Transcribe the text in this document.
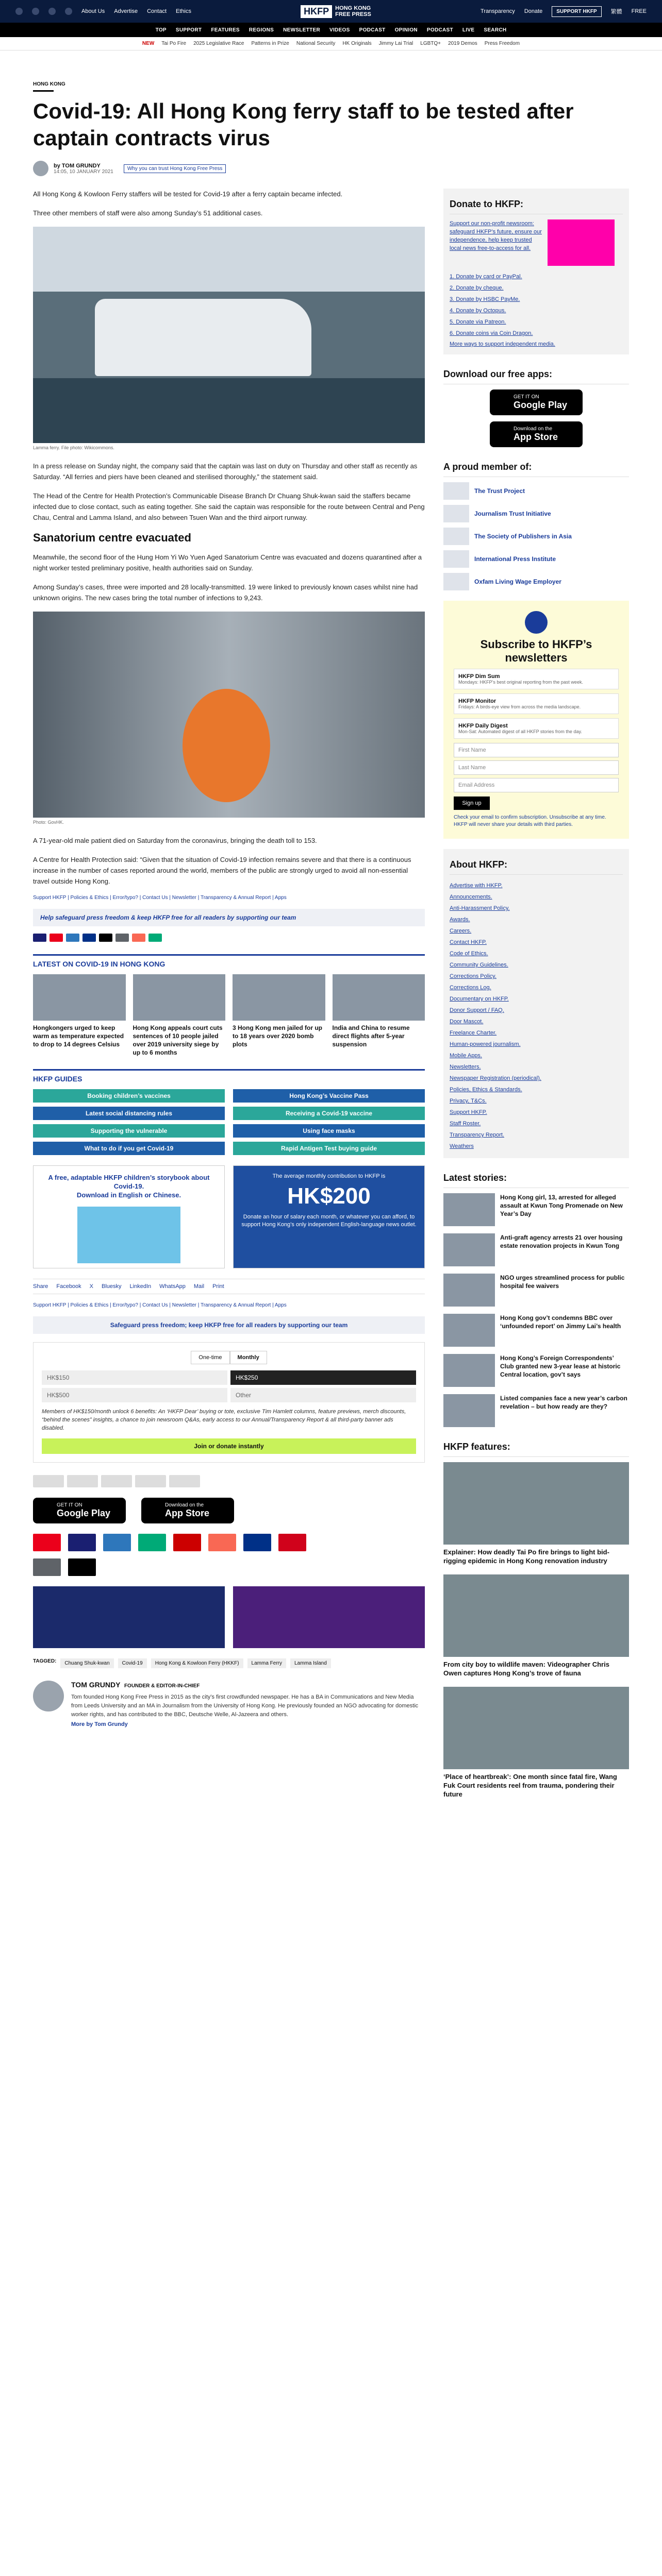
About Us Advertise Contact Ethics	HKFP	HONG KONG
FREE PRESS	Transparency Donate	SUPPORT HKFP	繁體 FREE
TOP SUPPORT FEATURES REGIONS NEWSLETTER VIDEOS PODCAST OPINION PODCAST LIVE SEARCH
NEW Tai Po Fire 2025 Legislative Race Patterns in Prize National Security HK Originals Jimmy Lai Trial LGBTQ+ 2019 Demos Press Freedom
HONG KONG
Covid-19: All Hong Kong ferry staff to be tested after captain contracts virus
by TOM GRUNDY
14:05, 10 JANUARY 2021
Why you can trust Hong Kong Free Press

All Hong Kong & Kowloon Ferry staffers will be tested for Covid-19 after a ferry captain became infected.

Three other members of staff were also among Sunday’s 51 additional cases.

Lamma ferry. File photo: Wikicommons.

In a press release on Sunday night, the company said that the captain was last on duty on Thursday and other staff as recently as Saturday. “All ferries and piers have been cleaned and sterilised thoroughly,” the statement said.

The Head of the Centre for Health Protection’s Communicable Disease Branch Dr Chuang Shuk-kwan said the staffers became infected due to close contact, such as eating together. She said the captain was responsible for the route between Central and Peng Chau, Central and Lamma Island, and also between Tsuen Wan and the third airport runway.

Sanatorium centre evacuated

Meanwhile, the second floor of the Hung Hom Yi Wo Yuen Aged Sanatorium Centre was evacuated and dozens quarantined after a night worker tested preliminary positive, health authorities said on Sunday.

Among Sunday’s cases, three were imported and 28 locally-transmitted. 19 were linked to previously known cases whilst nine had unknown origins. The new cases bring the total number of infections to 9,243.

Photo: GovHK.

A 71-year-old male patient died on Saturday from the coronavirus, bringing the death toll to 153.

A Centre for Health Protection said: “Given that the situation of Covid-19 infection remains severe and that there is a continuous increase in the number of cases reported around the world, members of the public are strongly urged to avoid all non-essential travel outside Hong Kong.

Support HKFP | Policies & Ethics | Error/typo? | Contact Us | Newsletter | Transparency & Annual Report | Apps
Help safeguard press freedom & keep HKFP free for all readers by supporting our team
LATEST ON COVID-19 IN HONG KONG
Hongkongers urged to keep warm as temperature expected to drop to 14 degrees Celsius
Hong Kong appeals court cuts sentences of 10 people jailed over 2019 university siege by up to 6 months
3 Hong Kong men jailed for up to 18 years over 2020 bomb plots
India and China to resume direct flights after 5-year suspension
HKFP GUIDES
Booking children’s vaccines	Hong Kong’s Vaccine Pass
Latest social distancing rules	Receiving a Covid-19 vaccine
Supporting the vulnerable	Using face masks
What to do if you get Covid-19	Rapid Antigen Test buying guide
A free, adaptable HKFP children’s storybook about Covid-19.
Download in English or Chinese.
The average monthly contribution to HKFP is
HK$200
Donate an hour of salary each month, or whatever you can afford, to support Hong Kong’s only independent English-language news outlet.
Share Facebook X Bluesky LinkedIn WhatsApp Mail Print
Support HKFP | Policies & Ethics | Error/typo? | Contact Us | Newsletter | Transparency & Annual Report | Apps
Safeguard press freedom; keep HKFP free for all readers by supporting our team
One-time	Monthly
HK$150	HK$250
HK$500	Other
Members of HK$150/month unlock 6 benefits: An ‘HKFP Dear’ buying or tote, exclusive Tim Hamlett columns, feature previews, merch discounts, “behind the scenes” insights, a chance to join newsroom Q&As, early access to our Annual/Transparency Report & all third-party banner ads disabled.
Join or donate instantly
GET IT ON
Google Play
Download on the
App Store
TAGGED:	Chuang Shuk-kwan	Covid-19	Hong Kong & Kowloon Ferry (HKKF)	Lamma Ferry	Lamma Island
TOM GRUNDY FOUNDER & EDITOR-IN-CHIEF

Tom founded Hong Kong Free Press in 2015 as the city’s first crowdfunded newspaper. He has a BA in Communications and New Media from Leeds University and an MA in Journalism from the University of Hong Kong. He previously founded an NGO advocating for domestic worker rights, and has contributed to the BBC, Deutsche Welle, Al-Jazeera and others.

More by Tom Grundy
Donate to HKFP:

Support our non-profit newsroom: safeguard HKFP’s future, ensure our independence, help keep trusted local news free-to-access for all.

1. Donate by card or PayPal.
2. Donate by cheque.
3. Donate by HSBC PayMe.
4. Donate by Octopus.
5. Donate via Patreon.
6. Donate coins via Coin Dragon.
More ways to support independent media.
Download our free apps:
GET IT ON
Google Play
Download on the
App Store
A proud member of:
The Trust Project
Journalism Trust Initiative
The Society of Publishers in Asia
International Press Institute
Oxfam Living Wage Employer
Subscribe to HKFP’s newsletters
HKFP Dim Sum
Mondays: HKFP’s best original reporting from the past week.
HKFP Monitor
Fridays: A birds-eye view from across the media landscape.
HKFP Daily Digest
Mon-Sat: Automated digest of all HKFP stories from the day.
First Name
Last Name
Email Address
Sign up

Check your email to confirm subscription. Unsubscribe at any time. HKFP will never share your details with third parties.

About HKFP:
Advertise with HKFP.
Announcements.
Anti-Harassment Policy.
Awards.
Careers.
Contact HKFP.
Code of Ethics.
Community Guidelines.
Corrections Policy.
Corrections Log.
Documentary on HKFP.
Donor Support / FAQ.
Door Mascot.
Freelance Charter.
Human-powered journalism.
Mobile Apps.
Newsletters.
Newspaper Registration (periodical).
Policies, Ethics & Standards.
Privacy, T&Cs.
Support HKFP.
Staff Roster.
Transparency Report.
Weathers
Latest stories:
Hong Kong girl, 13, arrested for alleged assault at Kwun Tong Promenade on New Year’s Day
Anti-graft agency arrests 21 over housing estate renovation projects in Kwun Tong
NGO urges streamlined process for public hospital fee waivers
Hong Kong gov’t condemns BBC over ‘unfounded report’ on Jimmy Lai’s health
Hong Kong’s Foreign Correspondents’ Club granted new 3-year lease at historic Central location, gov’t says
Listed companies face a new year’s carbon revelation – but how ready are they?
HKFP features:
Explainer: How deadly Tai Po fire brings to light bid-rigging epidemic in Hong Kong renovation industry
From city boy to wildlife maven: Videographer Chris Owen captures Hong Kong’s trove of fauna
‘Place of heartbreak’: One month since fatal fire, Wang Fuk Court residents reel from trauma, pondering their future
